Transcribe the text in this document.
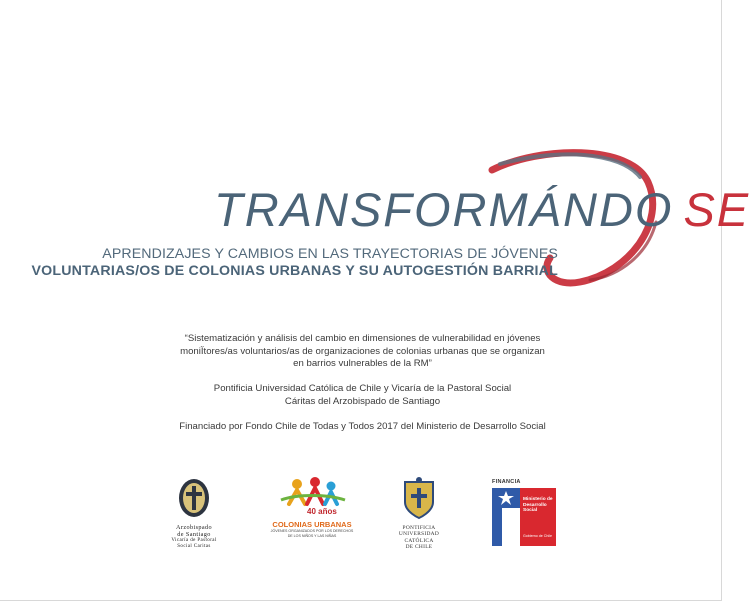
TRANSFORMÁNDO SE
APRENDIZAJES Y CAMBIOS EN LAS TRAYECTORIAS DE JÓVENES
VOLUNTARIAS/OS DE COLONIAS URBANAS Y SU AUTOGESTIÓN BARRIAL
“Sistematización y análisis del cambio en dimensiones de vulnerabilidad en jóvenes
moniÏtores/as voluntarios/as de organizaciones de colonias urbanas que se organizan
en barrios vulnerables de la RM”
Pontificia Universidad Católica de Chile y Vicaría de la Pastoral Social
Cáritas del Arzobispado de Santiago
Financiado por Fondo Chile de Todas y Todos 2017 del Ministerio de Desarrollo Social
Arzobispado
de Santiago
Vicaría de Pastoral
Social Caritas
40 años
COLONIAS URBANAS
JÓVENES ORGANIZADOS POR LOS DERECHOS
DE LOS NIÑOS Y LAS NIÑAS
PONTIFICIA
UNIVERSIDAD
CATÓLICA
DE CHILE
FINANCIA
Ministerio de
Desarrollo
Social
Gobierno de Chile
